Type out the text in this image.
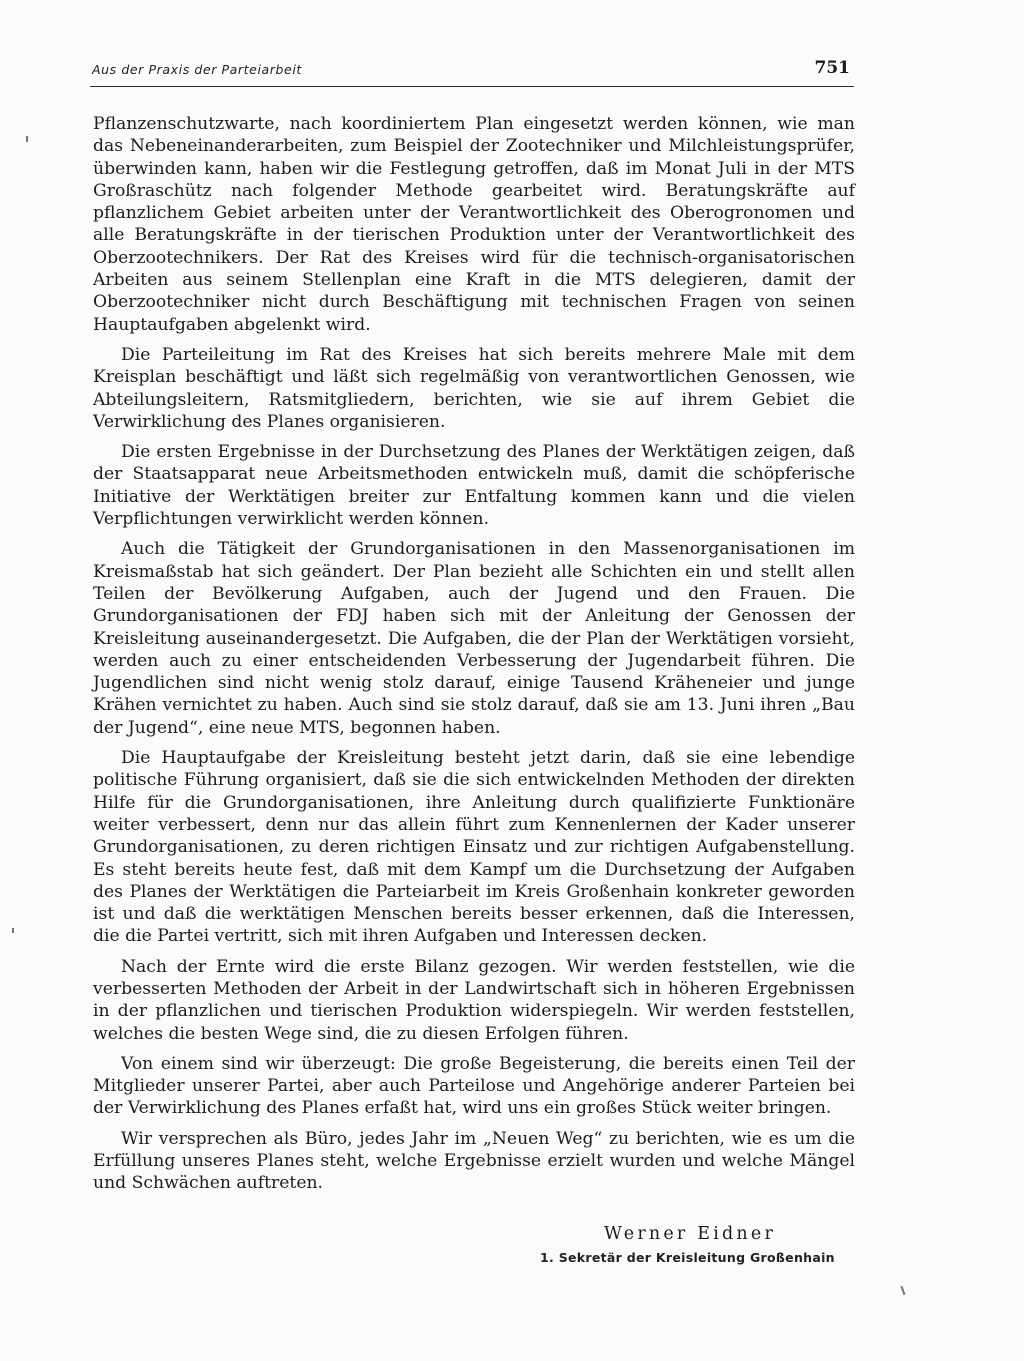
Aus der Praxis der Parteiarbeit	751

Pflanzenschutzwarte, nach koordiniertem Plan eingesetzt werden können, wie man das Nebeneinanderarbeiten, zum Beispiel der Zootechniker und Milchleistungsprüfer, überwinden kann, haben wir die Festlegung getroffen, daß im Monat Juli in der MTS Großraschütz nach folgender Methode gearbeitet wird. Beratungskräfte auf pflanzlichem Gebiet arbeiten unter der Verantwortlichkeit des Oberogronomen und alle Beratungskräfte in der tierischen Produktion unter der Verantwortlichkeit des Oberzootechnikers. Der Rat des Kreises wird für die technisch-organisatorischen Arbeiten aus seinem Stellenplan eine Kraft in die MTS delegieren, damit der Oberzootechniker nicht durch Beschäftigung mit technischen Fragen von seinen Hauptaufgaben abgelenkt wird.

Die Parteileitung im Rat des Kreises hat sich bereits mehrere Male mit dem Kreisplan beschäftigt und läßt sich regelmäßig von verantwortlichen Genossen, wie Abteilungsleitern, Ratsmitgliedern, berichten, wie sie auf ihrem Gebiet die Verwirklichung des Planes organisieren.

Die ersten Ergebnisse in der Durchsetzung des Planes der Werktätigen zeigen, daß der Staatsapparat neue Arbeitsmethoden entwickeln muß, damit die schöpferische Initiative der Werktätigen breiter zur Entfaltung kommen kann und die vielen Verpflichtungen verwirklicht werden können.

Auch die Tätigkeit der Grundorganisationen in den Massenorganisationen im Kreismaßstab hat sich geändert. Der Plan bezieht alle Schichten ein und stellt allen Teilen der Bevölkerung Aufgaben, auch der Jugend und den Frauen. Die Grundorganisationen der FDJ haben sich mit der Anleitung der Genossen der Kreisleitung auseinandergesetzt. Die Aufgaben, die der Plan der Werktätigen vorsieht, werden auch zu einer entscheidenden Verbesserung der Jugendarbeit führen. Die Jugendlichen sind nicht wenig stolz darauf, einige Tausend Kräheneier und junge Krähen vernichtet zu haben. Auch sind sie stolz darauf, daß sie am 13. Juni ihren „Bau der Jugend“, eine neue MTS, begonnen haben.

Die Hauptaufgabe der Kreisleitung besteht jetzt darin, daß sie eine lebendige politische Führung organisiert, daß sie die sich entwickelnden Methoden der direkten Hilfe für die Grundorganisationen, ihre Anleitung durch qualifizierte Funktionäre weiter verbessert, denn nur das allein führt zum Kennenlernen der Kader unserer Grundorganisationen, zu deren richtigen Einsatz und zur richtigen Aufgabenstellung. Es steht bereits heute fest, daß mit dem Kampf um die Durchsetzung der Aufgaben des Planes der Werktätigen die Parteiarbeit im Kreis Großenhain konkreter geworden ist und daß die werktätigen Menschen bereits besser erkennen, daß die Interessen, die die Partei vertritt, sich mit ihren Aufgaben und Interessen decken.

Nach der Ernte wird die erste Bilanz gezogen. Wir werden feststellen, wie die verbesserten Methoden der Arbeit in der Landwirtschaft sich in höheren Ergebnissen in der pflanzlichen und tierischen Produktion widerspiegeln. Wir werden feststellen, welches die besten Wege sind, die zu diesen Erfolgen führen.

Von einem sind wir überzeugt: Die große Begeisterung, die bereits einen Teil der Mitglieder unserer Partei, aber auch Parteilose und Angehörige anderer Parteien bei der Verwirklichung des Planes erfaßt hat, wird uns ein großes Stück weiter bringen.

Wir versprechen als Büro, jedes Jahr im „Neuen Weg“ zu berichten, wie es um die Erfüllung unseres Planes steht, welche Ergebnisse erzielt wurden und welche Mängel und Schwächen auftreten.

Werner Eidner
1. Sekretär der Kreisleitung Großenhain
